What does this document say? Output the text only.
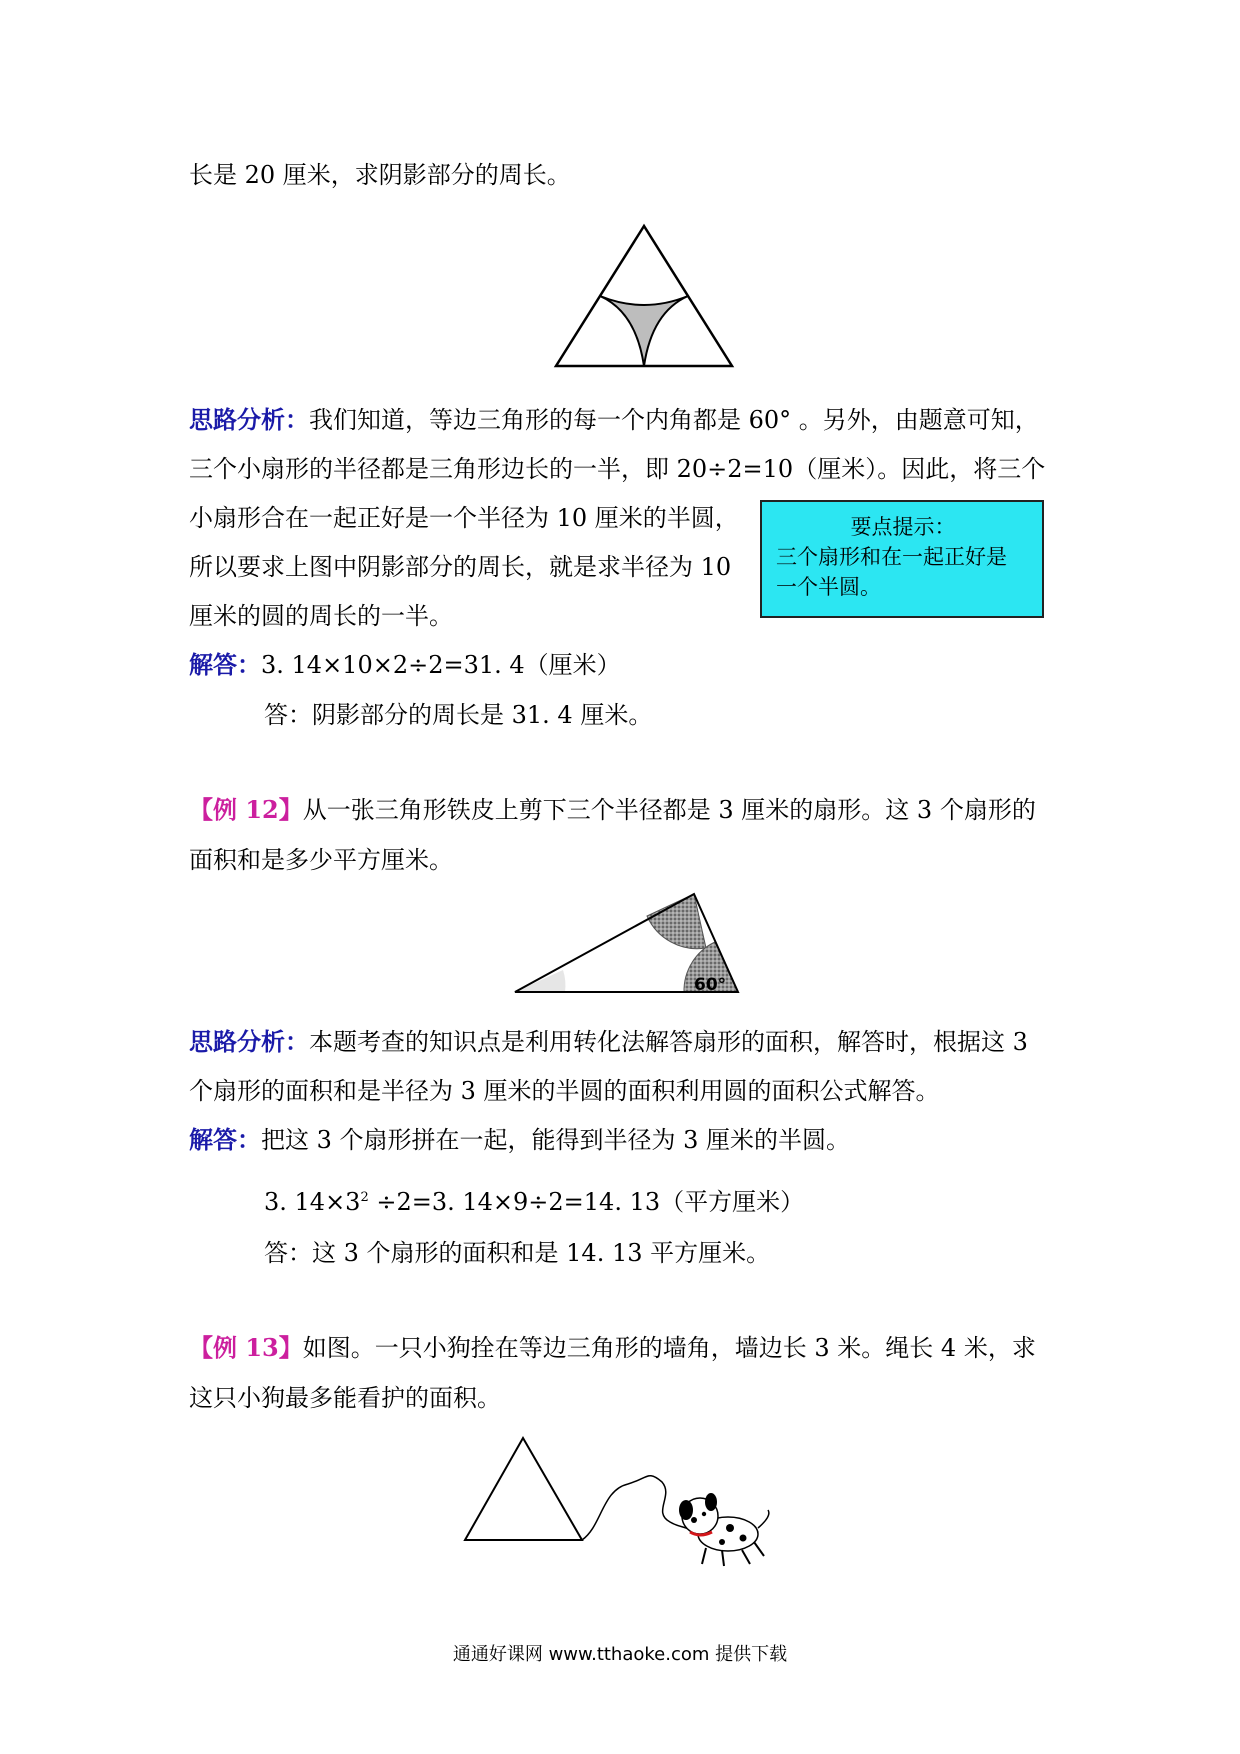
长是 20 厘米，求阴影部分的周长。
思路分析：我们知道，等边三角形的每一个内角都是 60° 。另外，由题意可知，
三个小扇形的半径都是三角形边长的一半，即 20÷2=10（厘米）。因此，将三个
小扇形合在一起正好是一个半径为 10 厘米的半圆，
所以要求上图中阴影部分的周长，就是求半径为 10
厘米的圆的周长的一半。
要点提示：
三个扇形和在一起正好是
一个半圆。
解答：3. 14×10×2÷2=31. 4（厘米）
答：阴影部分的周长是 31. 4 厘米。
【例 12】从一张三角形铁皮上剪下三个半径都是 3 厘米的扇形。这 3 个扇形的
面积和是多少平方厘米。
60°
思路分析：本题考查的知识点是利用转化法解答扇形的面积，解答时，根据这 3
个扇形的面积和是半径为 3 厘米的半圆的面积利用圆的面积公式解答。
解答：把这 3 个扇形拼在一起，能得到半径为 3 厘米的半圆。
3. $14\times 3^2 \div 2=3$. 14×9÷2=14. 13（平方厘米）
答：这 3 个扇形的面积和是 14. 13 平方厘米。
【例 13】如图。一只小狗拴在等边三角形的墙角，墙边长 3 米。绳长 4 米，求
这只小狗最多能看护的面积。
通通好课网 www.tthaoke.com 提供下载
